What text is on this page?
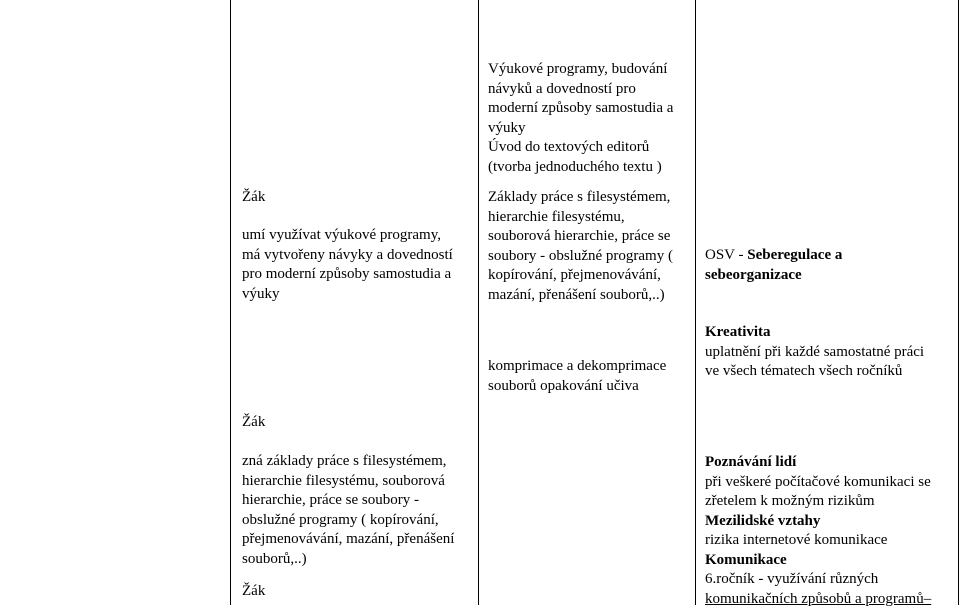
Žák
umí využívat výukové programy,
má vytvořeny návyky a dovedností
pro moderní způsoby samostudia a
výuky
Žák
zná základy práce s filesystémem,
hierarchie filesystému, souborová
hierarchie, práce se soubory -
obslužné programy ( kopírování,
přejmenovávání, mazání, přenášení
souborů,..)
Žák
Výukové programy, budování
návyků a dovedností pro
moderní způsoby samostudia a
výuky
Úvod do textových editorů
(tvorba jednoduchého textu )
Základy práce s filesystémem,
hierarchie filesystému,
souborová hierarchie, práce se
soubory - obslužné programy (
kopírování, přejmenovávání,
mazání, přenášení souborů,..)
komprimace a dekomprimace
souborů opakování učiva
OSV - Seberegulace a
sebeorganizace
Kreativita
uplatnění při každé samostatné práci
ve všech tématech všech ročníků
Poznávání lidí
při veškeré počítačové komunikaci se
zřetelem k možným rizikům
Mezilidské vztahy
rizika internetové komunikace
Komunikace
6.ročník - využívání různých
komunikačních způsobů a programů–
